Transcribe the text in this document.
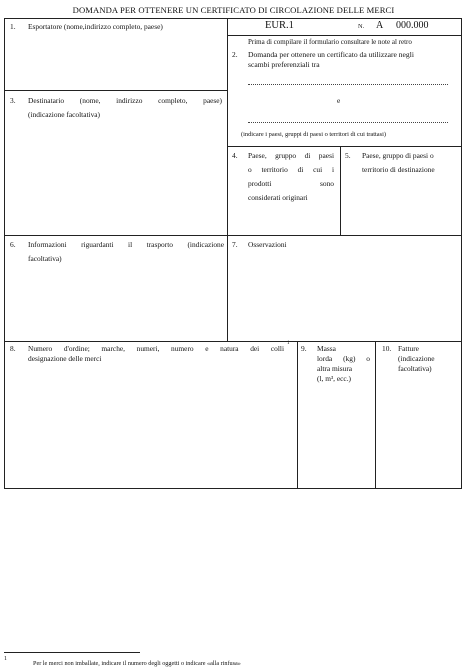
DOMANDA PER OTTENERE UN CERTIFICATO DI CIRCOLAZIONE DELLE MERCI
1. Esportatore (nome,indirizzo completo, paese)	EUR.1	N. A 000.000
Prima di compilare il formulario consultare le note al retro
2. Domanda per ottenere un certificato da utilizzare negli
scambi preferenziali tra
e
(indicare i paesi, gruppi di paesi o territori di cui trattasi)
3. Destinatario (nome, indirizzo completo, paese)
(indicazione facoltativa)
4. Paese, gruppo di paesi
o territorio di cui i
prodotti sono
considerati originari
5. Paese, gruppo di paesi o
territorio di destinazione
6. Informazioni riguardanti il trasporto (indicazione
facoltativa)
7. Osservazioni
8. Numero d'ordine; marche, numeri, numero e natura dei colli
1
designazione delle merci
9. Massa
lorda (kg) o
altra misura
(l, m³, ecc.)
10. Fatture
(indicazione
facoltativa)
1
Per le merci non imballate, indicare il numero degli oggetti o indicare «alla rinfusa»
